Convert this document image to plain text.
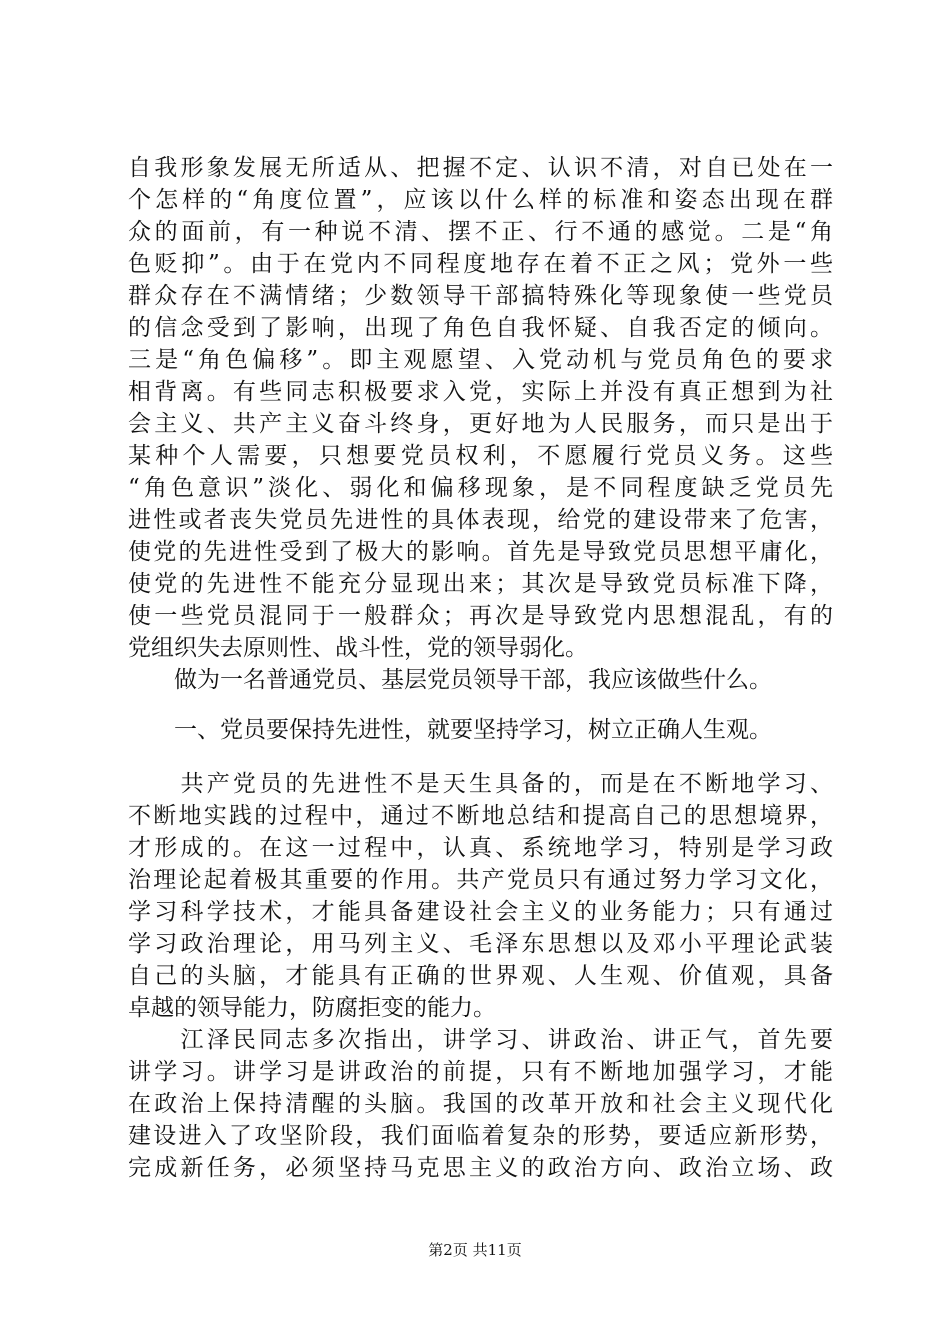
自我形象发展无所适从、把握不定、认识不清，对自已处在一
个怎样的“角度位置”，应该以什么样的标准和姿态出现在群
众的面前，有一种说不清、摆不正、行不通的感觉。二是“角
色贬抑”。由于在党内不同程度地存在着不正之风；党外一些
群众存在不满情绪；少数领导干部搞特殊化等现象使一些党员
的信念受到了影响，出现了角色自我怀疑、自我否定的倾向。
三是“角色偏移”。即主观愿望、入党动机与党员角色的要求
相背离。有些同志积极要求入党，实际上并没有真正想到为社
会主义、共产主义奋斗终身，更好地为人民服务，而只是出于
某种个人需要，只想要党员权利，不愿履行党员义务。这些
“角色意识”淡化、弱化和偏移现象，是不同程度缺乏党员先
进性或者丧失党员先进性的具体表现，给党的建设带来了危害，
使党的先进性受到了极大的影响。首先是导致党员思想平庸化，
使党的先进性不能充分显现出来；其次是导致党员标准下降，
使一些党员混同于一般群众；再次是导致党内思想混乱，有的
党组织失去原则性、战斗性，党的领导弱化。
　　做为一名普通党员、基层党员领导干部，我应该做些什么。
　　一、党员要保持先进性，就要坚持学习，树立正确人生观。
　　共产党员的先进性不是天生具备的，而是在不断地学习、
不断地实践的过程中，通过不断地总结和提高自己的思想境界，
才形成的。在这一过程中，认真、系统地学习，特别是学习政
治理论起着极其重要的作用。共产党员只有通过努力学习文化，
学习科学技术，才能具备建设社会主义的业务能力；只有通过
学习政治理论，用马列主义、毛泽东思想以及邓小平理论武装
自己的头脑，才能具有正确的世界观、人生观、价值观，具备
卓越的领导能力，防腐拒变的能力。
　　江泽民同志多次指出，讲学习、讲政治、讲正气，首先要
讲学习。讲学习是讲政治的前提，只有不断地加强学习，才能
在政治上保持清醒的头脑。我国的改革开放和社会主义现代化
建设进入了攻坚阶段，我们面临着复杂的形势，要适应新形势，
完成新任务，必须坚持马克思主义的政治方向、政治立场、政
第2页 共11页
